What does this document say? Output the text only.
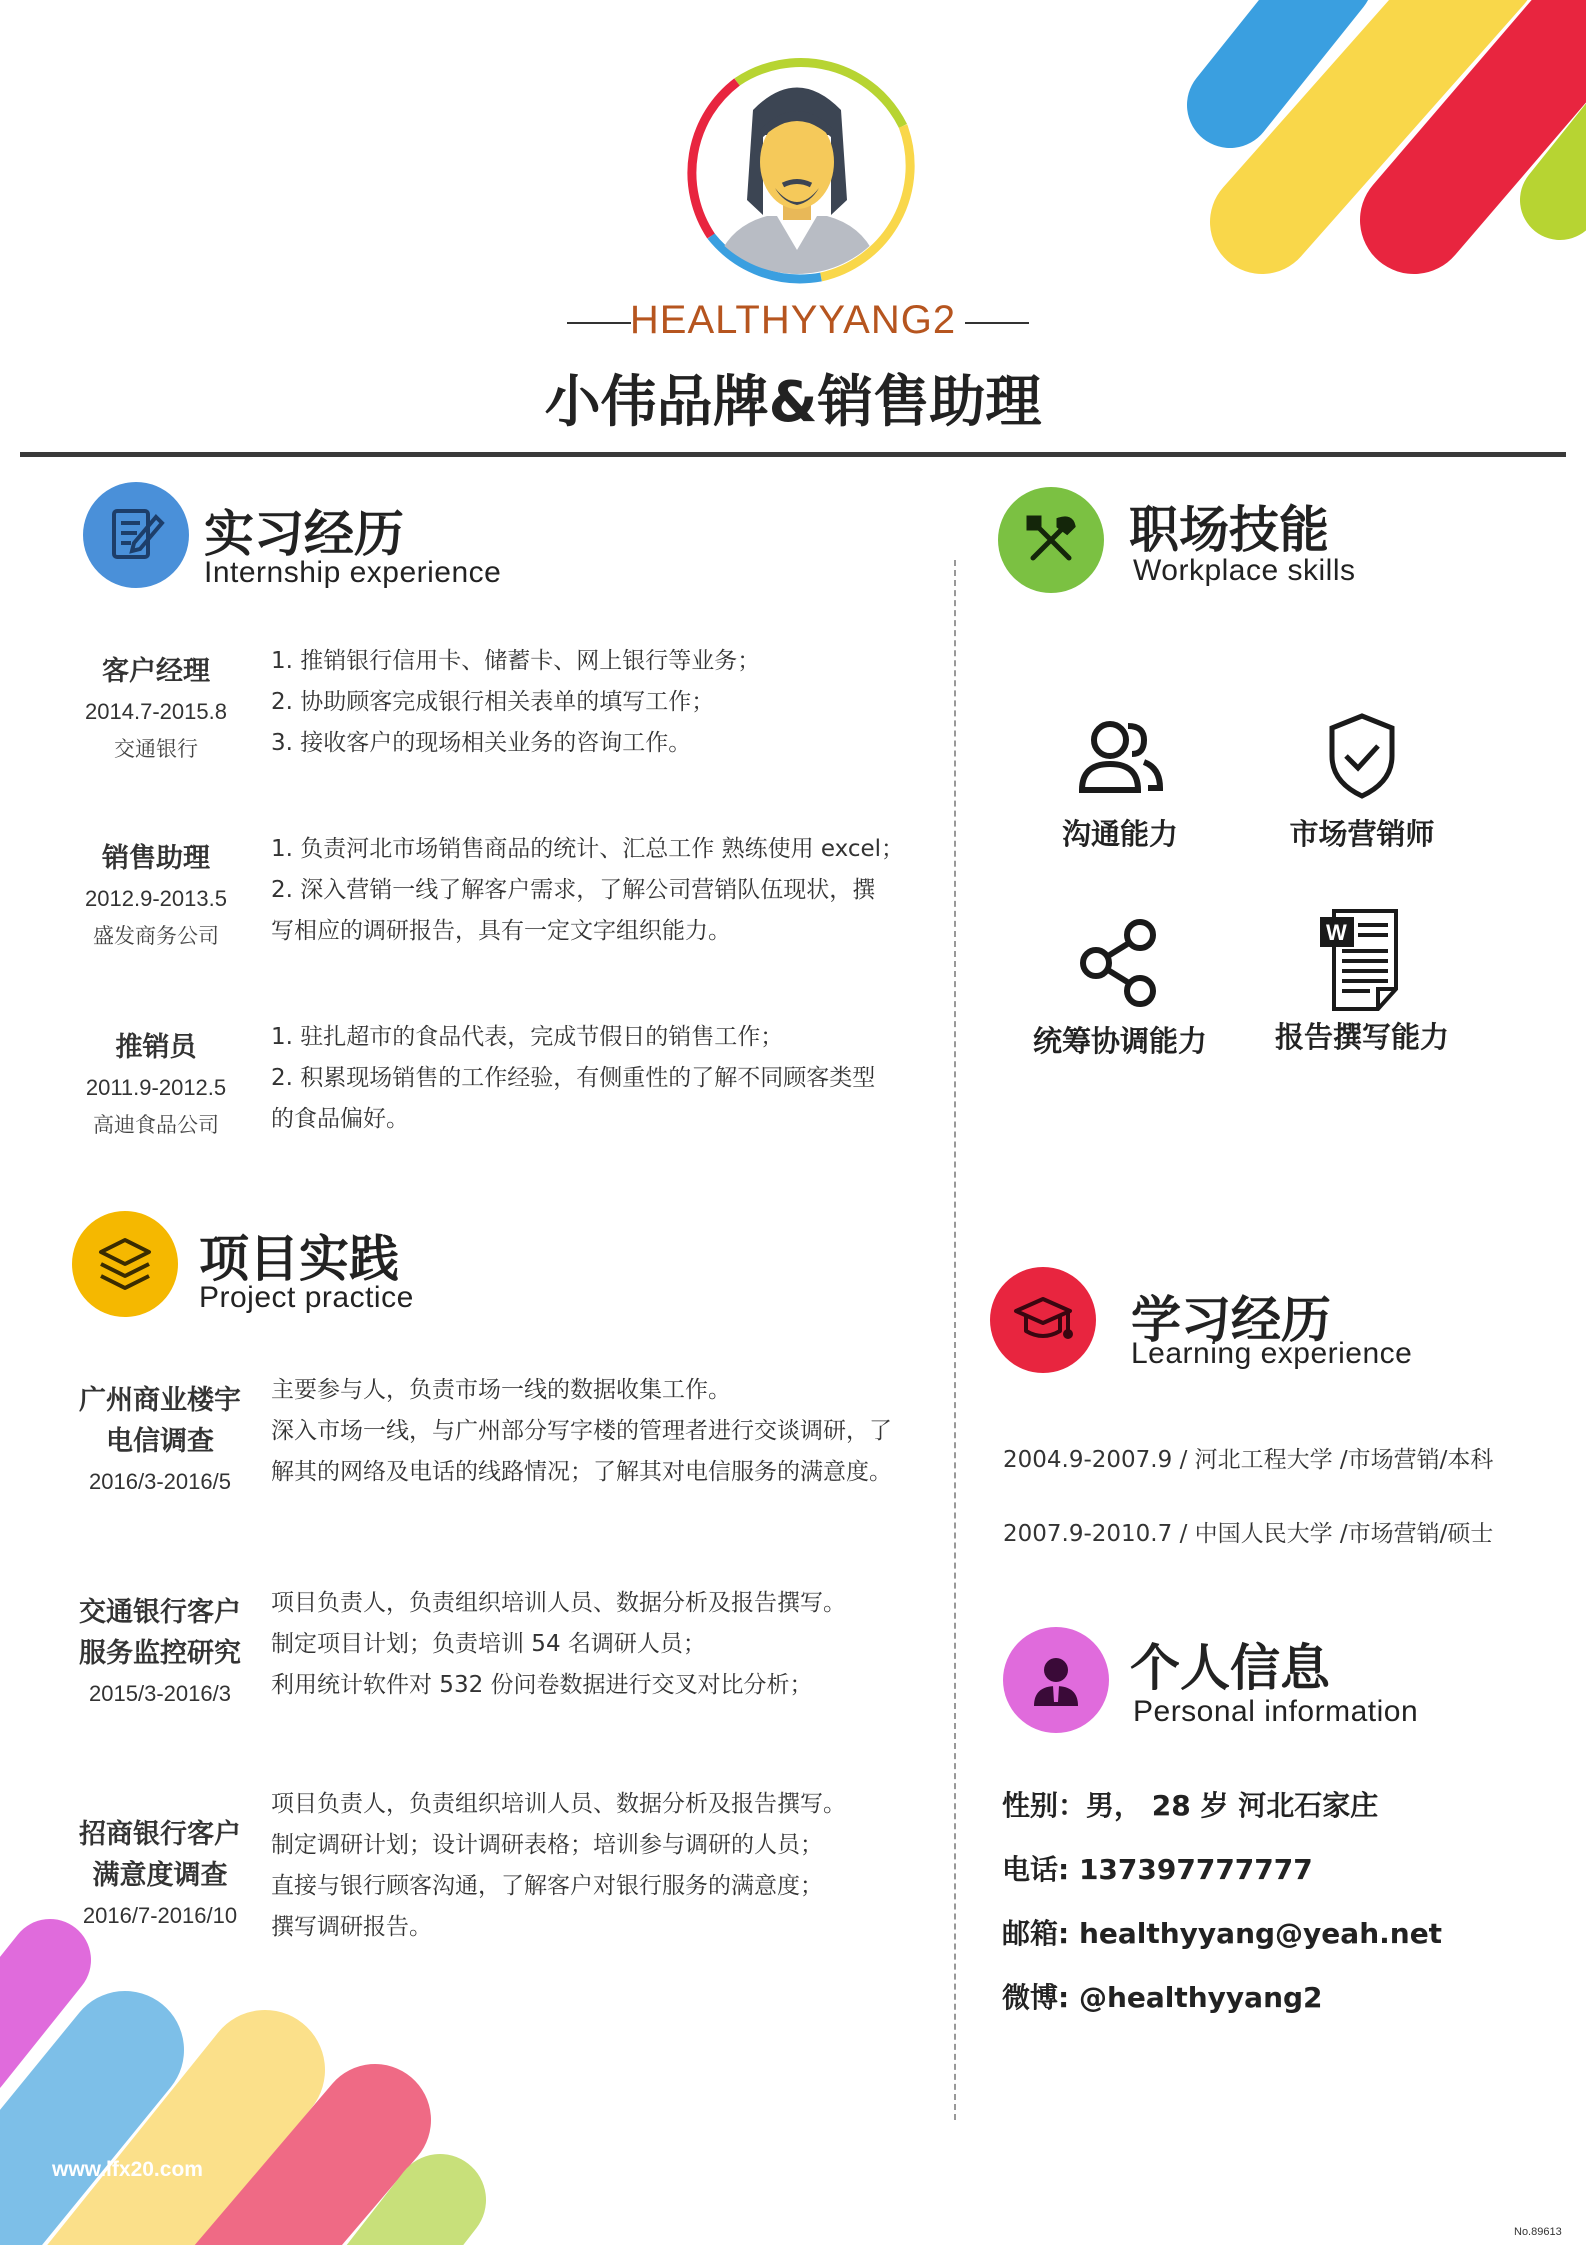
HEALTHYYANG2
小伟品牌&销售助理
实习经历
Internship experience
客户经理
2014.7-2015.8
交通银行
1. 推销银行信用卡、储蓄卡、网上银行等业务；
2. 协助顾客完成银行相关表单的填写工作；
3. 接收客户的现场相关业务的咨询工作。
销售助理
2012.9-2013.5
盛发商务公司
1. 负责河北市场销售商品的统计、汇总工作 熟练使用 excel；
2. 深入营销一线了解客户需求，了解公司营销队伍现状，撰
写相应的调研报告，具有一定文字组织能力。
推销员
2011.9-2012.5
高迪食品公司
1. 驻扎超市的食品代表，完成节假日的销售工作；
2. 积累现场销售的工作经验，有侧重性的了解不同顾客类型
的食品偏好。
项目实践
Project practice
广州商业楼宇
电信调查
2016/3-2016/5
主要参与人，负责市场一线的数据收集工作。
深入市场一线，与广州部分写字楼的管理者进行交谈调研，了
解其的网络及电话的线路情况；了解其对电信服务的满意度。
交通银行客户
服务监控研究
2015/3-2016/3
项目负责人，负责组织培训人员、数据分析及报告撰写。
制定项目计划；负责培训 54 名调研人员；
利用统计软件对 532 份问卷数据进行交叉对比分析；
招商银行客户
满意度调查
2016/7-2016/10
项目负责人，负责组织培训人员、数据分析及报告撰写。
制定调研计划；设计调研表格；培训参与调研的人员；
直接与银行顾客沟通，了解客户对银行服务的满意度；
撰写调研报告。
职场技能
Workplace skills
沟通能力	市场营销师
统筹协调能力
W
报告撰写能力
学习经历
Learning experience
2004.9-2007.9 / 河北工程大学 /市场营销/本科
2007.9-2010.7 / 中国人民大学 /市场营销/硕士
个人信息
Personal information
性别：男， 28 岁 河北石家庄
电话: 137397777777
邮箱: healthyyang@yeah.net
微博: @healthyyang2
www.lfx20.com
No.89613
